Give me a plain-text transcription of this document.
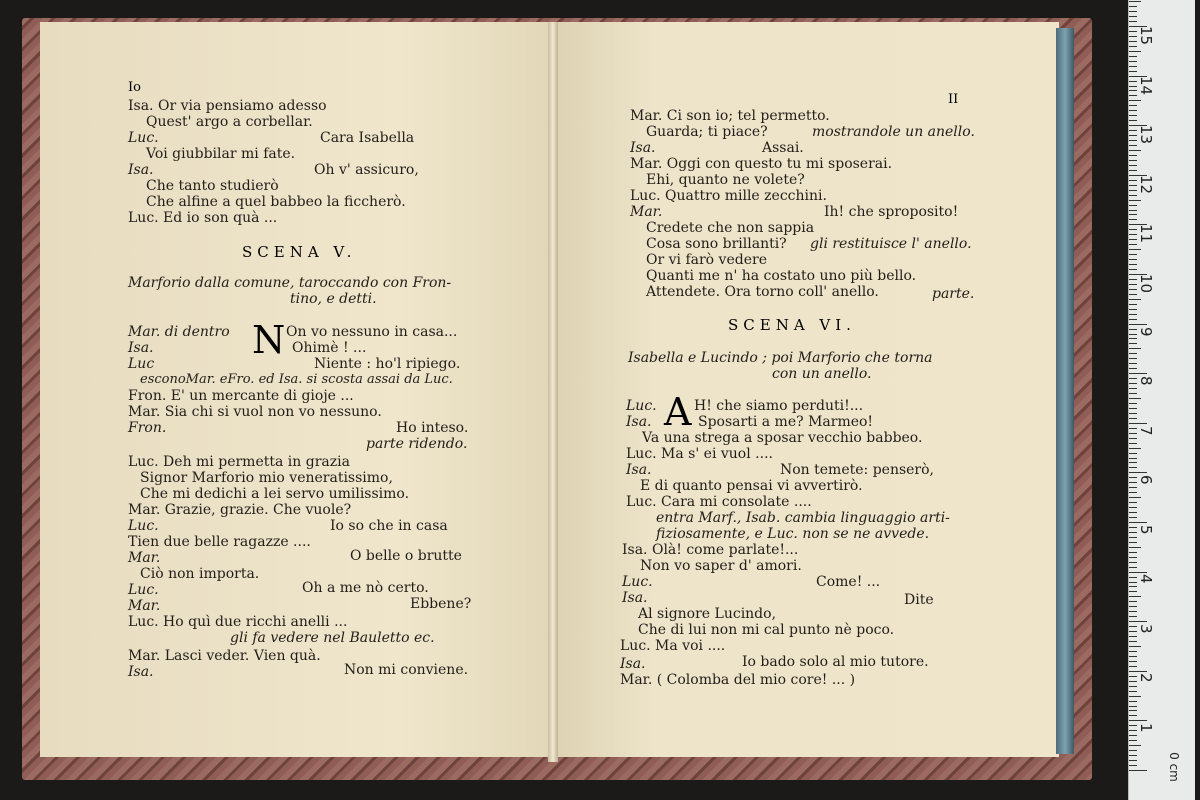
Io
Isa. Or via pensiamo adesso
Quest' argo a corbellar.
Luc.	Cara Isabella
Voi giubbilar mi fate.
Isa.	Oh v' assicuro,
Che tanto studierò
Che alfine a quel babbeo la ficcherò.
Luc. Ed io son quà ...
SCENA V.
Marforio dalla comune, taroccando con Fron-
tino, e detti.
N
Mar. di dentro	On vo nessuno in casa...
Isa.	Ohimè ! ...
Luc	Niente : ho'l ripiego.
esconoMar. eFro. ed Isa. si scosta assai da Luc.
Fron. E' un mercante di gioje ...
Mar. Sia chi si vuol non vo nessuno.
Fron.	Ho inteso.
parte ridendo.
Luc. Deh mi permetta in grazia
Signor Marforio mio veneratissimo,
Che mi dedichi a lei servo umilissimo.
Mar. Grazie, grazie. Che vuole?
Luc.	Io so che in casa
Tien due belle ragazze ....
Mar.	O belle o brutte
Ciò non importa.
Luc.	Oh a me nò certo.
Mar.	Ebbene?
Luc. Ho quì due ricchi anelli ...
gli fa vedere nel Bauletto ec.
Mar. Lasci veder. Vien quà.
Isa.	Non mi conviene.
II
Mar. Ci son io; tel permetto.
Guarda; ti piace?	mostrandole un anello.
Isa.	Assai.
Mar. Oggi con questo tu mi sposerai.
Ehi, quanto ne volete?
Luc. Quattro mille zecchini.
Mar.	Ih! che sproposito!
Credete che non sappia
Cosa sono brillanti? gli restituisce l' anello.
Or vi farò vedere
Quanti me n' ha costato uno più bello.
Attendete. Ora torno coll' anello.	parte.
SCENA VI.
Isabella e Lucindo ; poi Marforio che torna
con un anello.
A
Luc.	H! che siamo perduti!...
Isa.	Sposarti a me? Marmeo!
Va una strega a sposar vecchio babbeo.
Luc. Ma s' ei vuol ....
Isa.	Non temete: penserò,
E di quanto pensai vi avvertirò.
Luc. Cara mi consolate ....
entra Marf., Isab. cambia linguaggio arti-
fiziosamente, e Luc. non se ne avvede.
Isa. Olà! come parlate!...
Non vo saper d' amori.
Luc.	Come! ...
Isa.	Dite
Al signore Lucindo,
Che di lui non mi cal punto nè poco.
Luc. Ma voi ....
Isa.	Io bado solo al mio tutore.
Mar. ( Colomba del mio core! ... )
1
2
3
4
5
6
7
8
9
10
11
12
13
14
15
0 cm
